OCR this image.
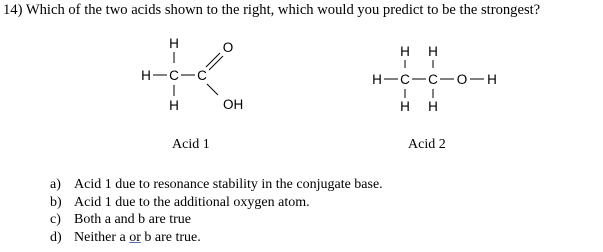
14) Which of the two acids shown to the right, which would you predict to be the strongest?
H
H C C
H
O
OH
Acid 1
H H
H C C O H
H H
Acid 2
a) Acid 1 due to resonance stability in the conjugate base.
b) Acid 1 due to the additional oxygen atom.
c) Both a and b are true
d) Neither a or b are true.
